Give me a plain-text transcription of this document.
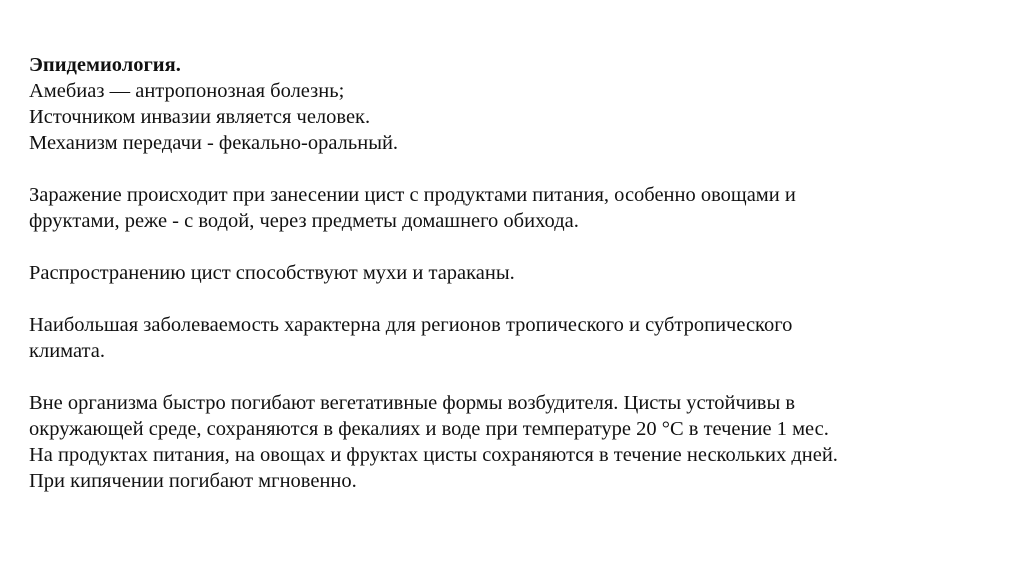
Эпидемиология.
Амебиаз — антропонозная болезнь;
Источником инвазии является человек.
Механизм передачи - фекально-оральный.
Заражение происходит при занесении цист с продуктами питания, особенно овощами и
фруктами, реже - с водой, через предметы домашнего обихода.
Распространению цист способствуют мухи и тараканы.
Наибольшая заболеваемость характерна для регионов тропического и субтропического
климата.
Вне организма быстро погибают вегетативные формы возбудителя. Цисты устойчивы в
окружающей среде, сохраняются в фекалиях и воде при температуре 20 °С в течение 1 мес.
На продуктах питания, на овощах и фруктах цисты сохраняются в течение нескольких дней.
При кипячении погибают мгновенно.
